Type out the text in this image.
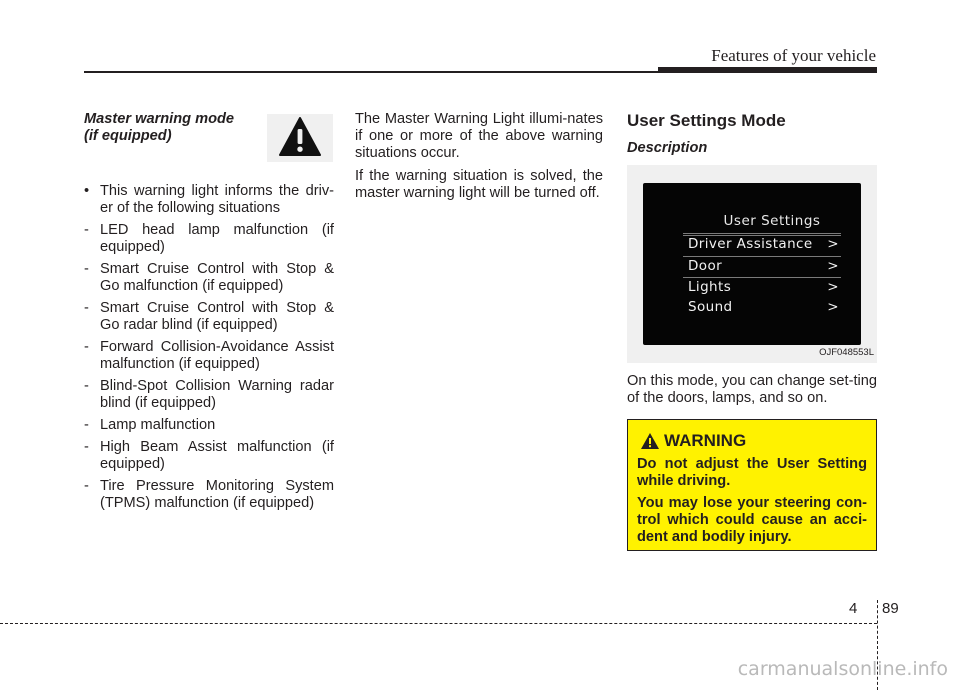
Features of your vehicle
Master warning mode
(if equipped)
• This warning light informs the driv-er of the following situations
- LED head lamp malfunction (if equipped)
- Smart Cruise Control with Stop & Go malfunction (if equipped)
- Smart Cruise Control with Stop & Go radar blind (if equipped)
- Forward Collision-Avoidance Assist malfunction (if equipped)
- Blind-Spot Collision Warning radar blind (if equipped)
- Lamp malfunction
- High Beam Assist malfunction (if equipped)
- Tire Pressure Monitoring System (TPMS) malfunction (if equipped)

The Master Warning Light illumi-nates if one or more of the above warning situations occur.

If the warning situation is solved, the master warning light will be turned off.

User Settings Mode
Description
User Settings
Driver Assistance >
Door	>
Lights	>
Sound	>
OJF048553L

On this mode, you can change set-ting of the doors, lamps, and so on.

WARNING

Do not adjust the User Setting while driving.

You may lose your steering con-trol which could cause an acci-dent and bodily injury.

4 89
carmanualsonline.info
